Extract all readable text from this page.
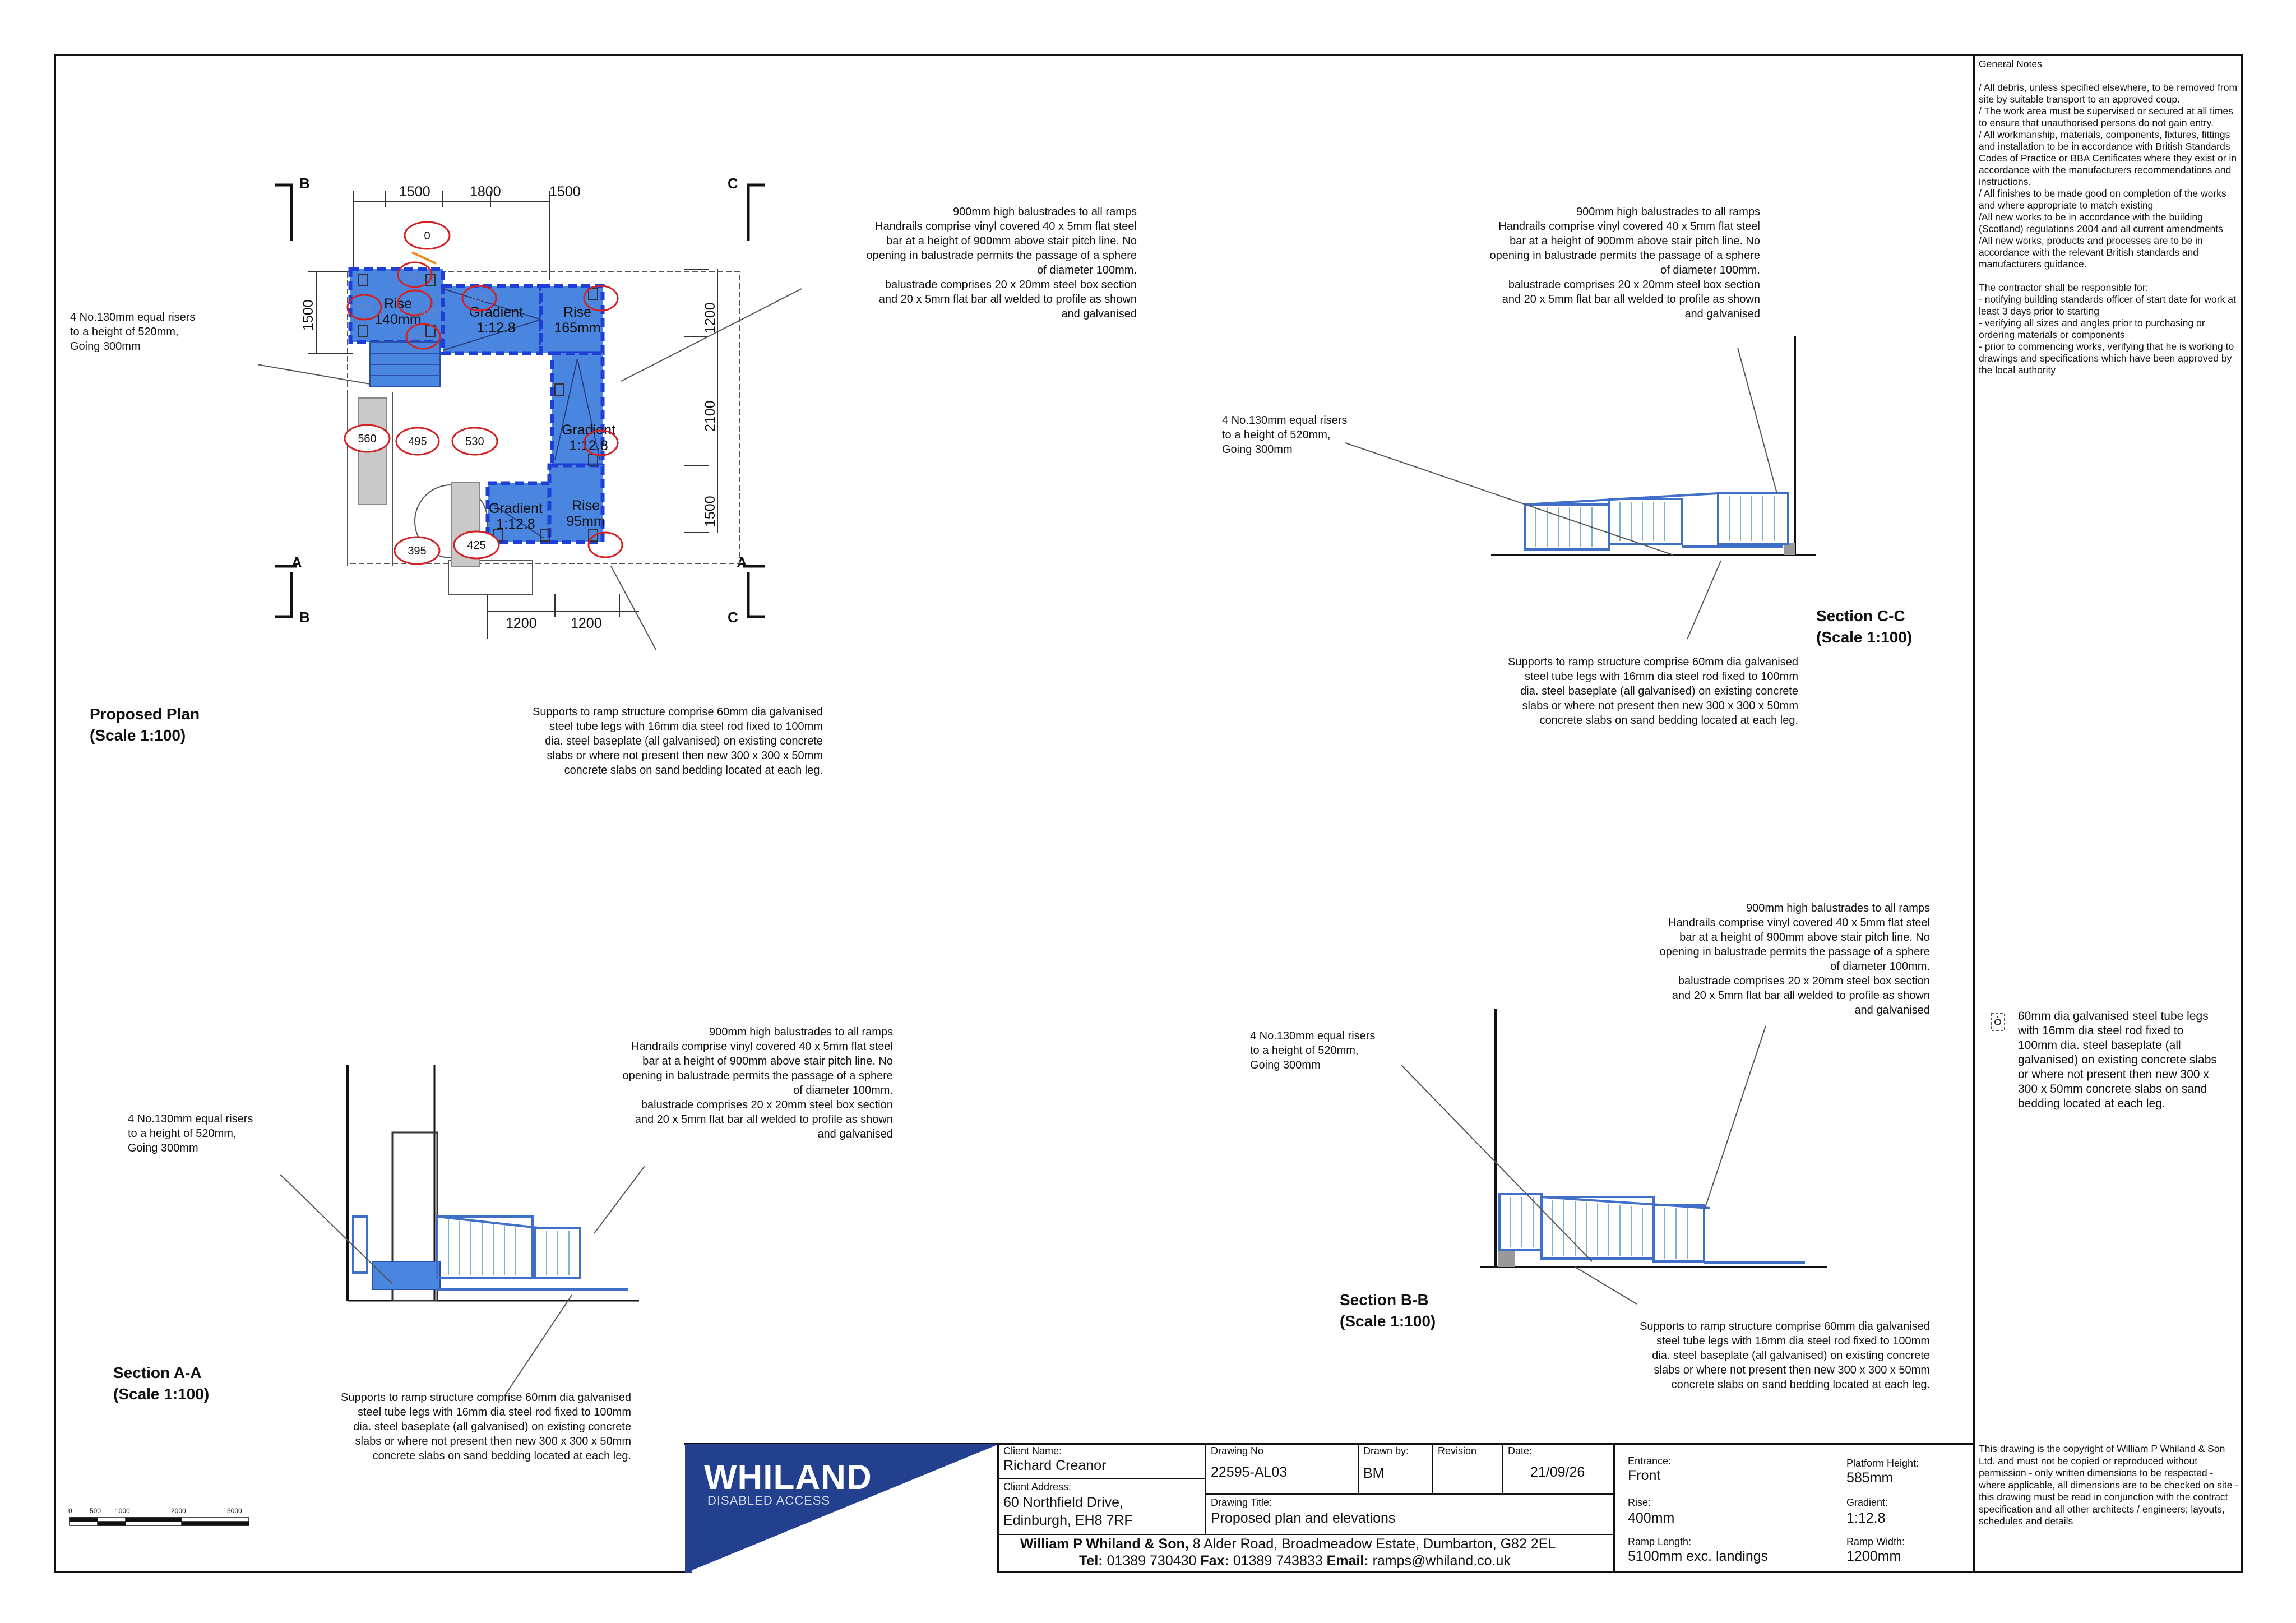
General Notes

/ All debris, unless specified elsewhere, to be removed from site by suitable transport to an approved coup.

/ The work area must be supervised or secured at all times to ensure that unauthorised persons do not gain entry.

/ All workmanship, materials, components, fixtures, fittings and installation to be in accordance with British Standards Codes of Practice or BBA Certificates where they exist or in accordance with the manufacturers recommendations and instructions.

/ All finishes to be made good on completion of the works and where appropriate to match existing

/All new works to be in accordance with the building (Scotland) regulations 2004 and all current amendments

/All new works, products and processes are to be in accordance with the relevant British standards and manufacturers guidance.

The contractor shall be responsible for:

- notifying building standards officer of start date for work at least 3 days prior to starting

- verifying all sizes and angles prior to purchasing or ordering materials or components

- prior to commencing works, verifying that he is working to drawings and specifications which have been approved by the local authority

60mm dia galvanised steel tube legs with 16mm dia steel rod fixed to 100mm dia. steel baseplate (all galvanised) on existing concrete slabs or where not present then new 300 x 300 x 50mm concrete slabs on sand bedding located at each leg.
This drawing is the copyright of William P Whiland & Son Ltd. and must not be copied or reproduced without permission - only written dimensions to be respected - where applicable, all dimensions are to be checked on site - this drawing must be read in conjunction with the contract specification and all other architects / engineers; layouts, schedules and details
1500	1800	1500
1200 1200
1500	1200
2100
1500
B	C
A	A
B	C
Rise 140mm	Gradient 1:12.8
Rise 165mm
Gradient 1:12.8
Gradient 1:12.8
Rise 95mm
0
560	495	530
395	425
570
410
405
635
585
900mm high balustrades to all ramps
Handrails comprise vinyl covered 40 x 5mm flat steel
bar at a height of 900mm above stair pitch line. No
opening in balustrade permits the passage of a sphere
of diameter 100mm.
balustrade comprises 20 x 20mm steel box section
and 20 x 5mm flat bar all welded to profile as shown
and galvanised
4 No.130mm equal risers
to a height of 520mm,
Going 300mm
Supports to ramp structure comprise 60mm dia galvanised
steel tube legs with 16mm dia steel rod fixed to 100mm
dia. steel baseplate (all galvanised) on existing concrete
slabs or where not present then new 300 x 300 x 50mm
concrete slabs on sand bedding located at each leg.
Proposed Plan
(Scale 1:100)
900mm high balustrades to all ramps
Handrails comprise vinyl covered 40 x 5mm flat steel
bar at a height of 900mm above stair pitch line. No
opening in balustrade permits the passage of a sphere
of diameter 100mm.
balustrade comprises 20 x 20mm steel box section
and 20 x 5mm flat bar all welded to profile as shown
and galvanised
4 No.130mm equal risers
to a height of 520mm,
Going 300mm
Supports to ramp structure comprise 60mm dia galvanised
steel tube legs with 16mm dia steel rod fixed to 100mm
dia. steel baseplate (all galvanised) on existing concrete
slabs or where not present then new 300 x 300 x 50mm
concrete slabs on sand bedding located at each leg.
Section C-C
(Scale 1:100)
900mm high balustrades to all ramps
Handrails comprise vinyl covered 40 x 5mm flat steel
bar at a height of 900mm above stair pitch line. No
opening in balustrade permits the passage of a sphere
of diameter 100mm.
balustrade comprises 20 x 20mm steel box section
and 20 x 5mm flat bar all welded to profile as shown
and galvanised
4 No.130mm equal risers
to a height of 520mm,
Going 300mm
Supports to ramp structure comprise 60mm dia galvanised
steel tube legs with 16mm dia steel rod fixed to 100mm
dia. steel baseplate (all galvanised) on existing concrete
slabs or where not present then new 300 x 300 x 50mm
concrete slabs on sand bedding located at each leg.
Section A-A
(Scale 1:100)
900mm high balustrades to all ramps
Handrails comprise vinyl covered 40 x 5mm flat steel
bar at a height of 900mm above stair pitch line. No
opening in balustrade permits the passage of a sphere
of diameter 100mm.
balustrade comprises 20 x 20mm steel box section
and 20 x 5mm flat bar all welded to profile as shown
and galvanised
4 No.130mm equal risers
to a height of 520mm,
Going 300mm
Supports to ramp structure comprise 60mm dia galvanised
steel tube legs with 16mm dia steel rod fixed to 100mm
dia. steel baseplate (all galvanised) on existing concrete
slabs or where not present then new 300 x 300 x 50mm
concrete slabs on sand bedding located at each leg.
Section B-B
(Scale 1:100)
0	500 1000	2000	3000
WHILAND
DISABLED ACCESS
Client Name:
Richard Creanor
Client Address:
60 Northfield Drive,
Edinburgh, EH8 7RF
Drawing No
22595-AL03
Drawn by:
BM
Revision	Date:
21/09/26
Drawing Title:
Proposed plan and elevations
William P Whiland & Son, 8 Alder Road, Broadmeadow Estate, Dumbarton, G82 2EL
Tel: 01389 730430 Fax: 01389 743833 Email: ramps@whiland.co.uk
Entrance:
Front
Rise:
400mm
Ramp Length:
5100mm exc. landings
Platform Height:
585mm
Gradient:
1:12.8
Ramp Width:
1200mm
